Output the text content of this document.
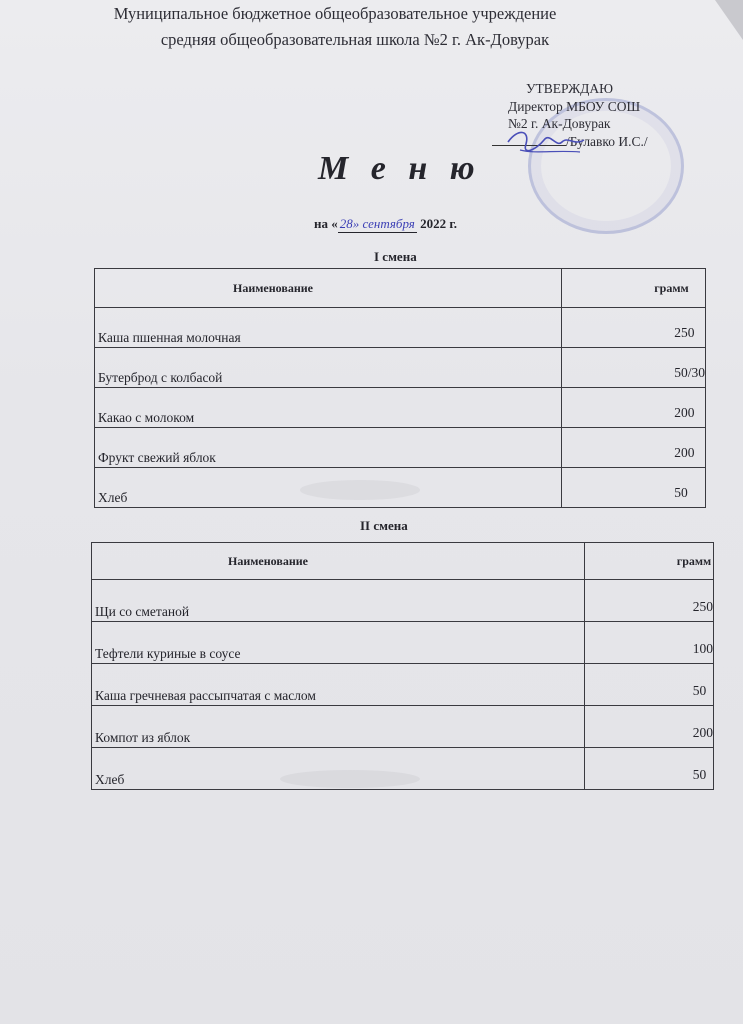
Муниципальное бюджетное общеобразовательное учреждение
средняя общеобразовательная школа №2 г. Ак-Довурак
УТВЕРЖДАЮ
Директор МБОУ СОШ
№2 г. Ак-Довурак
/Булавко И.С./
М е н ю
на « 28» сентября 2022 г.
I смена
Наименование	грамм
Каша пшенная молочная	250
Бутерброд с колбасой	50/30
Какао с молоком	200
Фрукт свежий яблок	200
Хлеб	50
II смена
Наименование	грамм
Щи со сметаной	250
Тефтели куриные в соусе	100
Каша гречневая рассыпчатая с маслом	50
Компот из яблок	200
Хлеб	50
